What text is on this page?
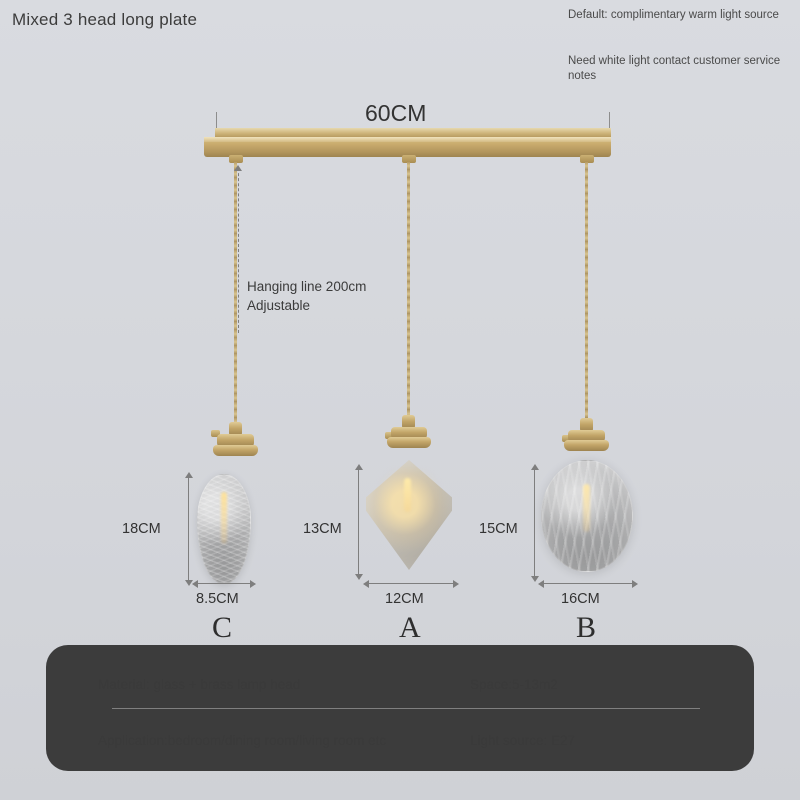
Mixed 3 head long plate	Default: complimentary warm light source
Need white light contact customer service notes
60CM
Hanging line 200cm
Adjustable
18CM
8.5CM
C
13CM
12CM
A
15CM
16CM
B
Material: glass + brass lamp head	Space:5-13m2
Application:bedroom/dining room/living room etc	Light source: E27
